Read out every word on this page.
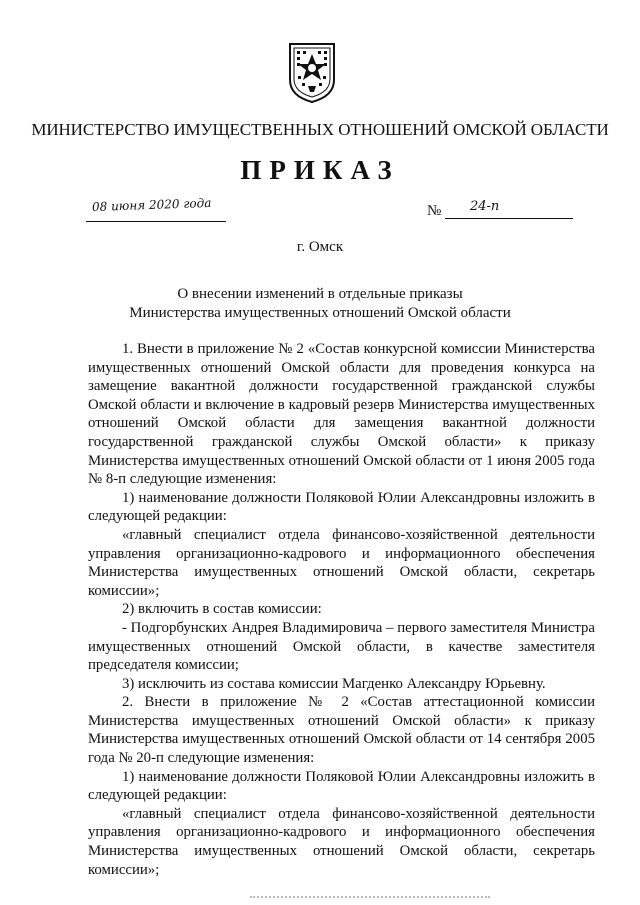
МИНИСТЕРСТВО ИМУЩЕСТВЕННЫХ ОТНОШЕНИЙ ОМСКОЙ ОБЛАСТИ
ПРИКАЗ
08 июня 2020 года	№ 24-п
г. Омск
О внесении изменений в отдельные приказы
Министерства имущественных отношений Омской области

1. Внести в приложение № 2 «Состав конкурсной комиссии Министерства имущественных отношений Омской области для проведения конкурса на замещение вакантной должности государственной гражданской службы Омской области и включение в кадровый резерв Министерства имущественных отношений Омской области для замещения вакантной должности государственной гражданской службы Омской области» к приказу Министерства имущественных отношений Омской области от 1 июня 2005 года № 8-п следующие изменения:

1) наименование должности Поляковой Юлии Александровны изложить в следующей редакции:

«главный специалист отдела финансово-хозяйственной деятельности управления организационно-кадрового и информационного обеспечения Министерства имущественных отношений Омской области, секретарь комиссии»;

2) включить в состав комиссии:

- Подгорбунских Андрея Владимировича – первого заместителя Министра имущественных отношений Омской области, в качестве заместителя председателя комиссии;

3) исключить из состава комиссии Магденко Александру Юрьевну.

2. Внести в приложение № 2 «Состав аттестационной комиссии Министерства имущественных отношений Омской области» к приказу Министерства имущественных отношений Омской области от 14 сентября 2005 года № 20-п следующие изменения:

1) наименование должности Поляковой Юлии Александровны изложить в следующей редакции:

«главный специалист отдела финансово-хозяйственной деятельности управления организационно-кадрового и информационного обеспечения Министерства имущественных отношений Омской области, секретарь комиссии»;
